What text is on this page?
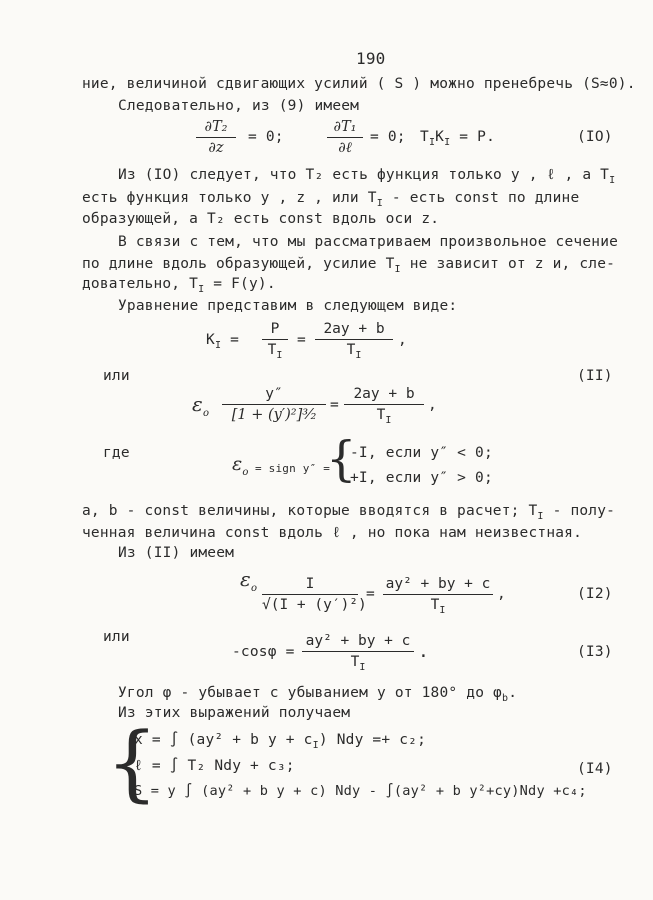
190
ние, величиной сдвигающих усилий ( S ) можно пренебречь (S≈0).
Следовательно, из (9) имеем
∂T₂
∂z
= 0;
∂T₁
∂ℓ
= 0; $T_IK_I = P$.	(IO)
Из (IO) следует, что T₂ есть функция только y , ℓ , а $T_I$
есть функция только y , z , или $T_I$ - есть const по длине
образующей, а T₂ есть const вдоль оси z.
В связи с тем, что мы рассматриваем произвольное сечение
по длине вдоль образующей, усилие $T_I$ не зависит от z и, сле-
довательно, $T_I = F(y)$.
Уравнение представим в следующем виде:
$K_I$ =
P
$T_I$
=
2ay + b
$T_I$
,
или	(II)
$\varepsilon_o$
y″
[1 + (y′)²]³⁄₂
=
2ay + b
$T_I$
,
где	$\varepsilon_o$ = sign y″ =
{
-I, если y″ < 0;
+I, если y″ > 0;
a, b - const величины, которые вводятся в расчет; $T_I$ - полу-
ченная величина const вдоль ℓ , но пока нам неизвестная.
Из (II) имеем
$\varepsilon_o$	I
√(I + (y′)²)
=
ay² + by + c
$T_I$
,	(I2)
или
-cosφ =
ay² + by + c
$T_I$
.	(I3)
Угол φ - убывает с убыванием y от 180° до $\varphi_b$.
Из этих выражений получаем
{
x = ∫ (ay² + b $y + c_I$) Ndy =+ c₂;
ℓ = ∫ T₂ Ndy + c₃;	(I4)
S = y ∫ (ay² + b y + c) Ndy - ∫(ay² + b y²+cy)Ndy +c₄;
